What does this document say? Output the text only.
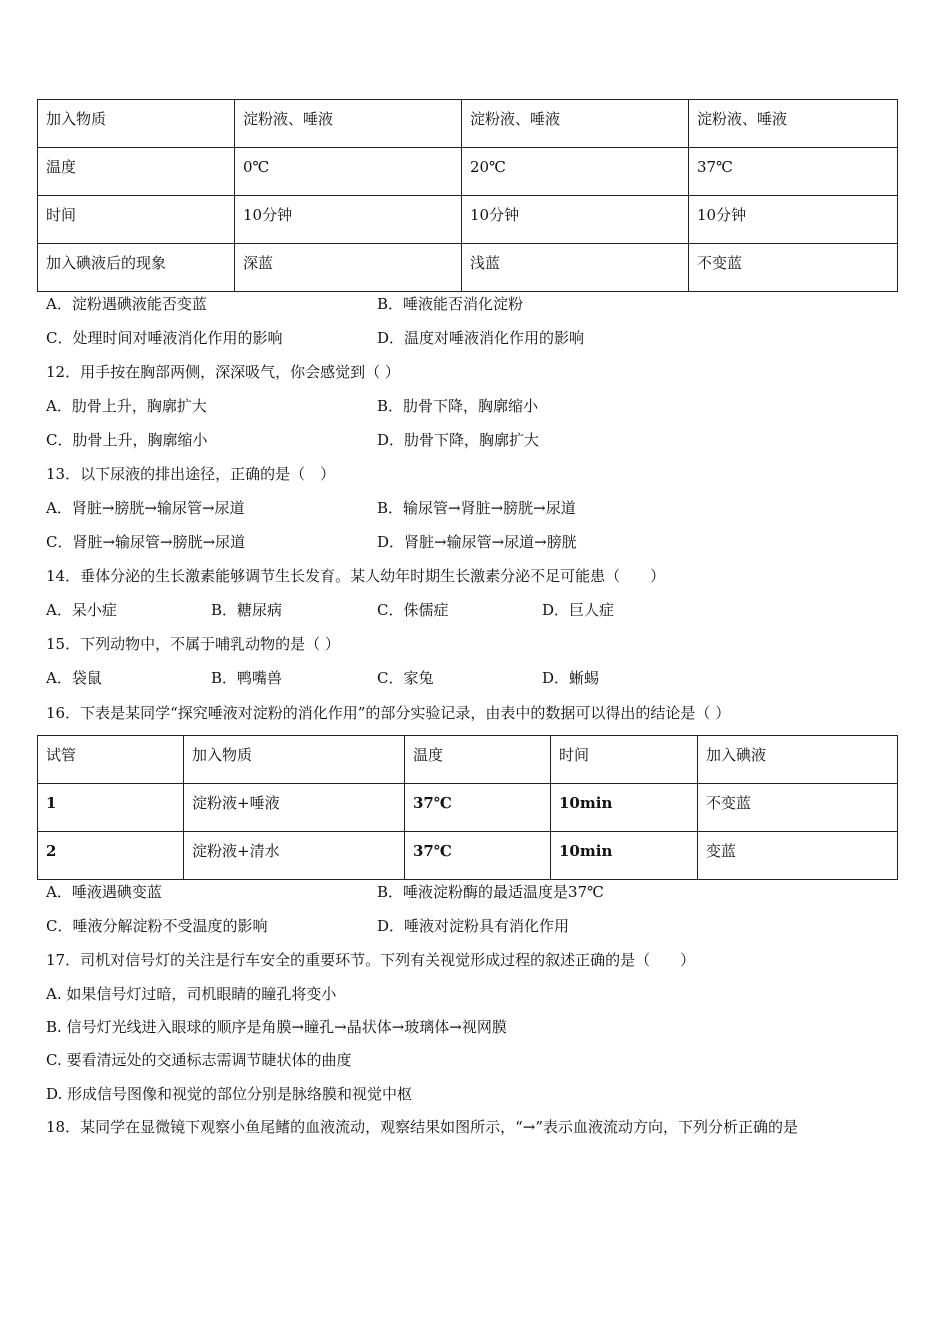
加入物质	淀粉液、唾液	淀粉液、唾液	淀粉液、唾液
温度	0℃	20℃	37℃
时间	10分钟	10分钟	10分钟
加入碘液后的现象	深蓝	浅蓝	不变蓝
A．淀粉遇碘液能否变蓝	B．唾液能否消化淀粉
C．处理时间对唾液消化作用的影响	D．温度对唾液消化作用的影响
12．用手按在胸部两侧，深深吸气，你会感觉到（ ）
A．肋骨上升，胸廓扩大	B．肋骨下降，胸廓缩小
C．肋骨上升，胸廓缩小	D．肋骨下降，胸廓扩大
13．以下尿液的排出途径，正确的是（　）
A．肾脏→膀胱→输尿管→尿道	B．输尿管→肾脏→膀胱→尿道
C．肾脏→输尿管→膀胱→尿道	D．肾脏→输尿管→尿道→膀胱
14．垂体分泌的生长激素能够调节生长发育。某人幼年时期生长激素分泌不足可能患（　　）
A．呆小症	B．糖尿病	C．侏儒症	D．巨人症
15．下列动物中，不属于哺乳动物的是（ ）
A．袋鼠	B．鸭嘴兽	C．家兔	D．蜥蜴
16．下表是某同学“探究唾液对淀粉的消化作用”的部分实验记录，由表中的数据可以得出的结论是（ ）
试管	加入物质	温度	时间	加入碘液
1	淀粉液+唾液	37℃	10min	不变蓝
2	淀粉液+清水	37℃	10min	变蓝
A．唾液遇碘变蓝	B．唾液淀粉酶的最适温度是37℃
C．唾液分解淀粉不受温度的影响	D．唾液对淀粉具有消化作用
17．司机对信号灯的关注是行车安全的重要环节。下列有关视觉形成过程的叙述正确的是（　　）
A. 如果信号灯过暗，司机眼睛的瞳孔将变小
B. 信号灯光线进入眼球的顺序是角膜→瞳孔→晶状体→玻璃体→视网膜
C. 要看清远处的交通标志需调节睫状体的曲度
D. 形成信号图像和视觉的部位分别是脉络膜和视觉中枢
18．某同学在显微镜下观察小鱼尾鳍的血液流动，观察结果如图所示，“→”表示血液流动方向，下列分析正确的是
